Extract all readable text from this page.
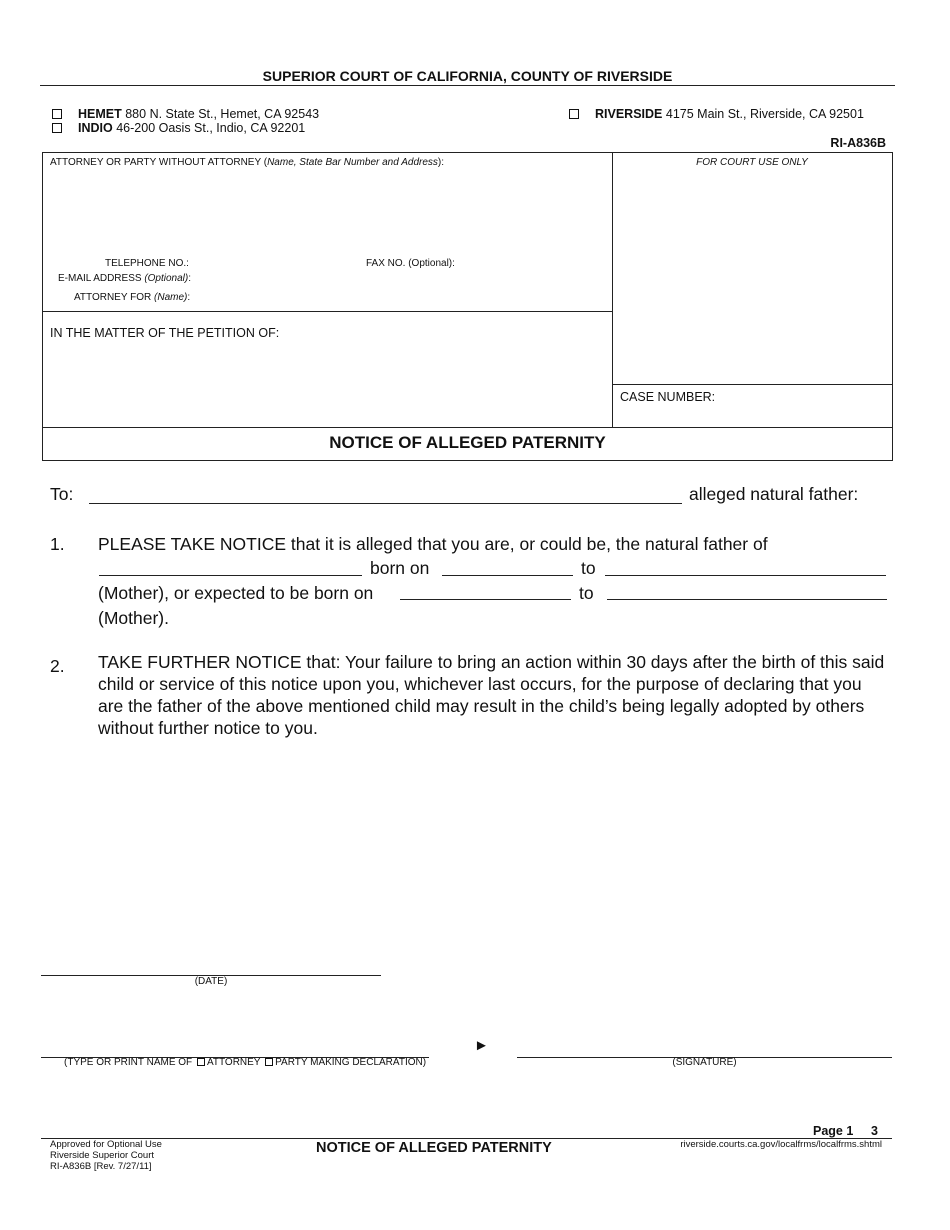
SUPERIOR COURT OF CALIFORNIA, COUNTY OF RIVERSIDE
HEMET 880 N. State St., Hemet, CA 92543
INDIO 46-200 Oasis St., Indio, CA 92201
RIVERSIDE 4175 Main St., Riverside, CA 92501
RI-A836B
ATTORNEY OR PARTY WITHOUT ATTORNEY (Name, State Bar Number and Address):	FOR COURT USE ONLY
TELEPHONE NO.:	FAX NO. (Optional):
E-MAIL ADDRESS (Optional):
ATTORNEY FOR (Name):
IN THE MATTER OF THE PETITION OF:
CASE NUMBER:
NOTICE OF ALLEGED PATERNITY
To:	alleged natural father:
1. PLEASE TAKE NOTICE that it is alleged that you are, or could be, the natural father of
born on	to
(Mother), or expected to be born on	to
(Mother).
2. TAKE FURTHER NOTICE that: Your failure to bring an action within 30 days after the birth of this said child or service of this notice upon you, whichever last occurs, for the purpose of declaring that you are the father of the above mentioned child may result in the child’s being legally adopted by others without further notice to you.
(DATE)
(TYPE OR PRINT NAME OF ATTORNEY PARTY MAKING DECLARATION)
►
(SIGNATURE)
Page 1 3
Approved for Optional Use
Riverside Superior Court
RI-A836B [Rev. 7/27/11]
NOTICE OF ALLEGED PATERNITY	riverside.courts.ca.gov/localfrms/localfrms.shtml
